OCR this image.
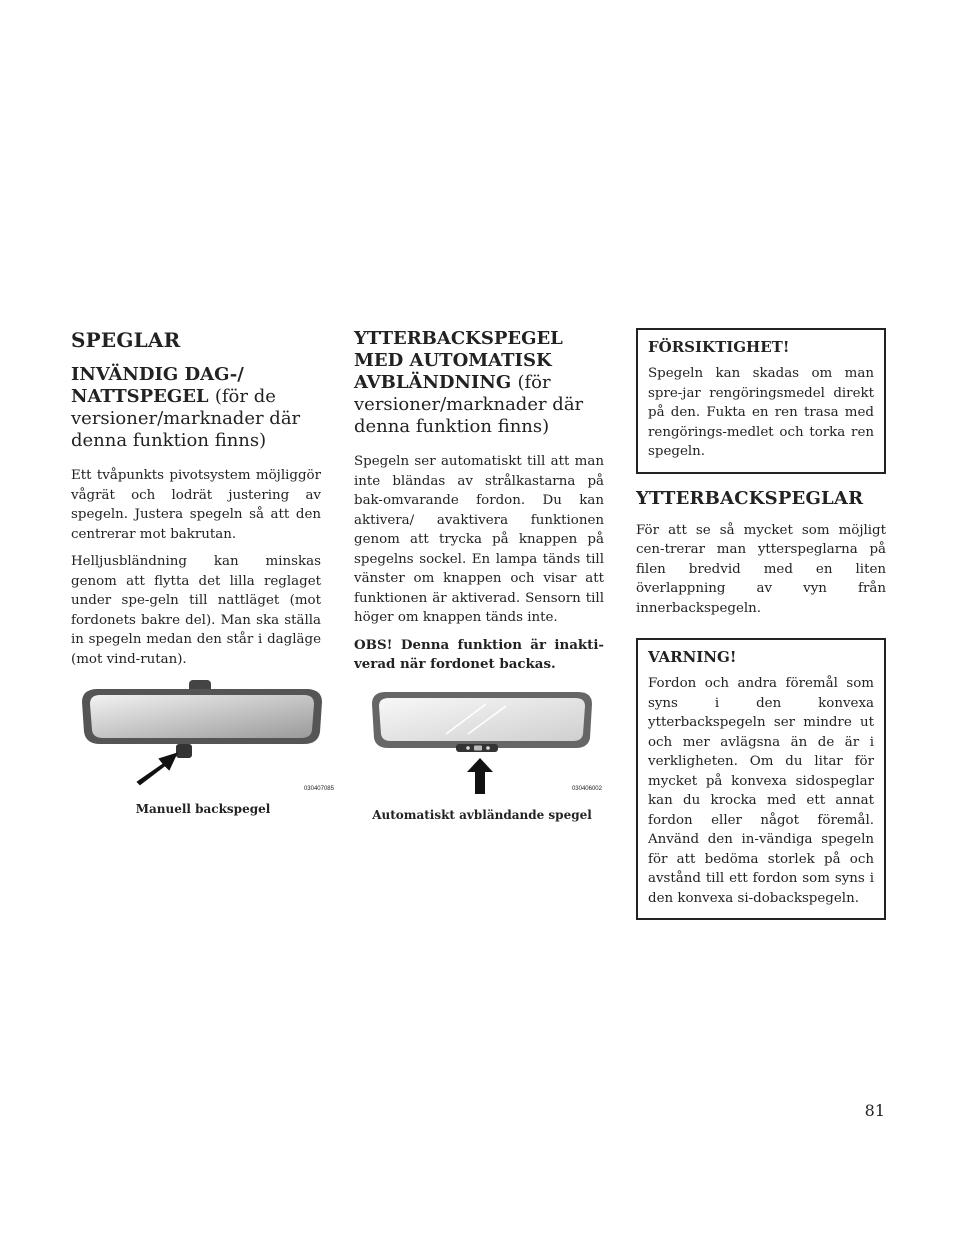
SPEGLAR
INVÄNDIG DAG-/ NATTSPEGEL (för de versioner/marknader där denna funktion finns)

Ett tvåpunkts pivotsystem möjliggör vågrät och lodrät justering av spegeln. Justera spegeln så att den centrerar mot bakrutan.

Helljusbländning kan minskas genom att flytta det lilla reglaget under spe-geln till nattläget (mot fordonets bakre del). Man ska ställa in spegeln medan den står i dagläge (mot vind-rutan).

YTTERBACKSPEGEL MED AUTOMATISK AVBLÄNDNING (för versioner/marknader där denna funktion finns)

Spegeln ser automatiskt till att man inte bländas av strålkastarna på bak-omvarande fordon. Du kan aktivera/ avaktivera funktionen genom att trycka på knappen på spegelns sockel. En lampa tänds till vänster om knappen och visar att funktionen är aktiverad. Sensorn till höger om knappen tänds inte.

OBS! Denna funktion är inakti-verad när fordonet backas.

FÖRSIKTIGHET!

Spegeln kan skadas om man spre-jar rengöringsmedel direkt på den. Fukta en ren trasa med rengörings-medlet och torka ren spegeln.

YTTERBACKSPEGLAR

För att se så mycket som möjligt cen-trerar man ytterspeglarna på filen bredvid med en liten överlappning av vyn från innerbackspegeln.

VARNING!

Fordon och andra föremål som syns i den konvexa ytterbackspegeln ser mindre ut och mer avlägsna än de är i verkligheten. Om du litar för mycket på konvexa sidospeglar kan du krocka med ett annat fordon eller något föremål. Använd den in-vändiga spegeln för att bedöma storlek på och avstånd till ett fordon som syns i den konvexa si-dobackspegeln.

030407085
Manuell backspegel
030406002
Automatiskt avbländande spegel
81
